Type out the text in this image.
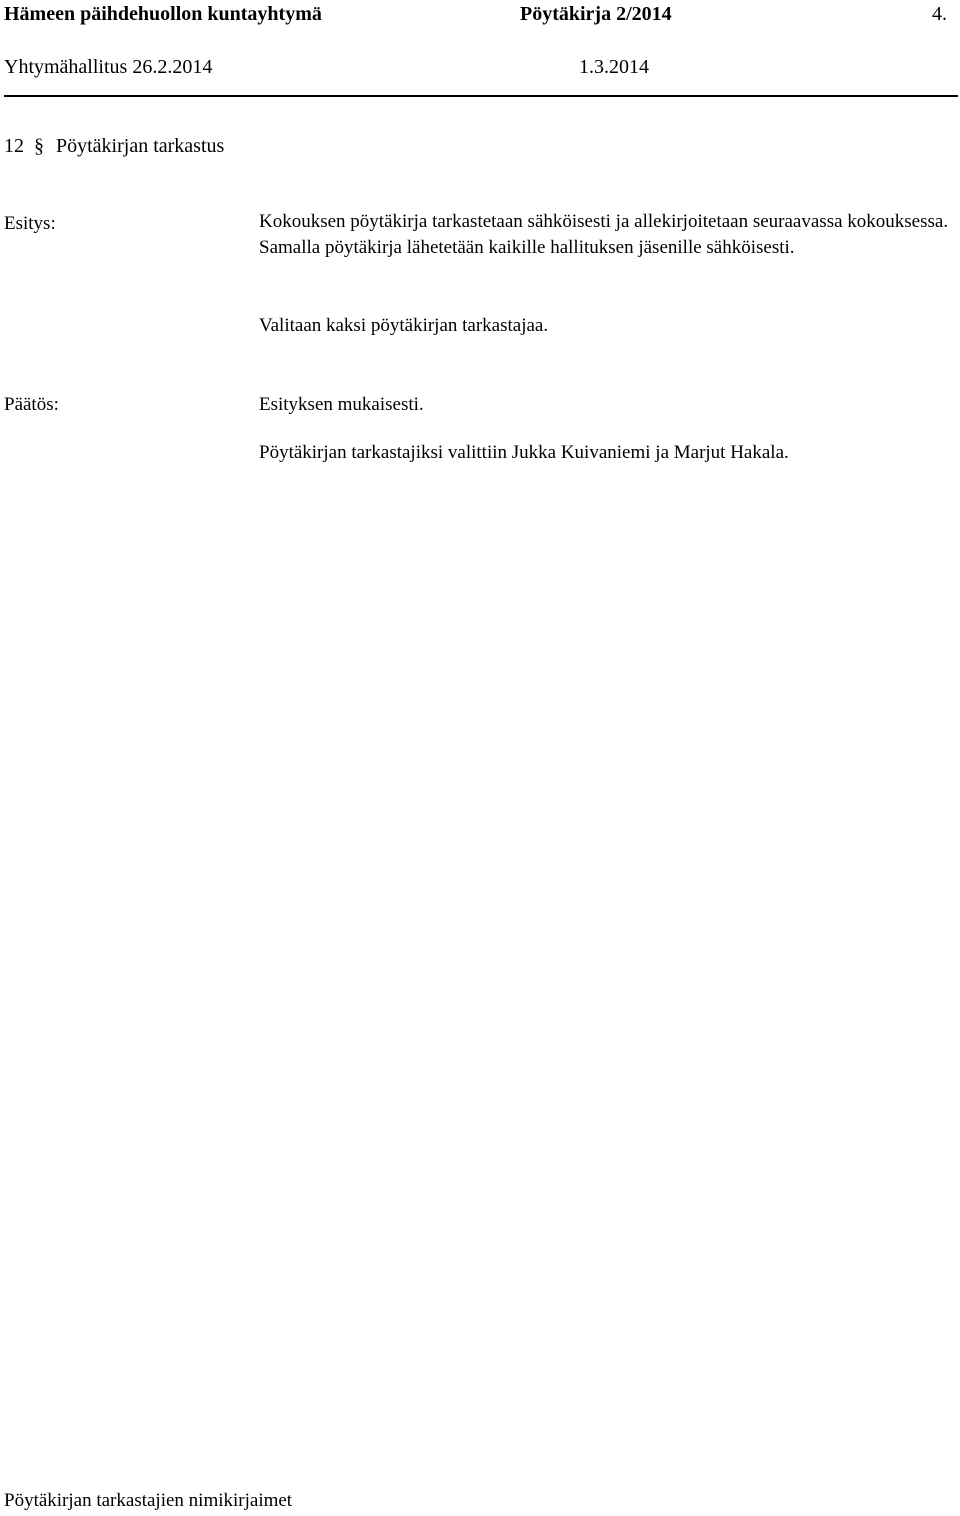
Hämeen päihdehuollon kuntayhtymä	Pöytäkirja 2/2014	4.
Yhtymähallitus 26.2.2014	1.3.2014
12 § Pöytäkirjan tarkastus
Esitys:	Kokouksen pöytäkirja tarkastetaan sähköisesti ja allekirjoitetaan seuraavassa kokouksessa. Samalla pöytäkirja lähetetään kaikille hallituksen jäsenille sähköisesti.
Valitaan kaksi pöytäkirjan tarkastajaa.
Päätös:	Esityksen mukaisesti.
Pöytäkirjan tarkastajiksi valittiin Jukka Kuivaniemi ja Marjut Hakala.
Pöytäkirjan tarkastajien nimikirjaimet
